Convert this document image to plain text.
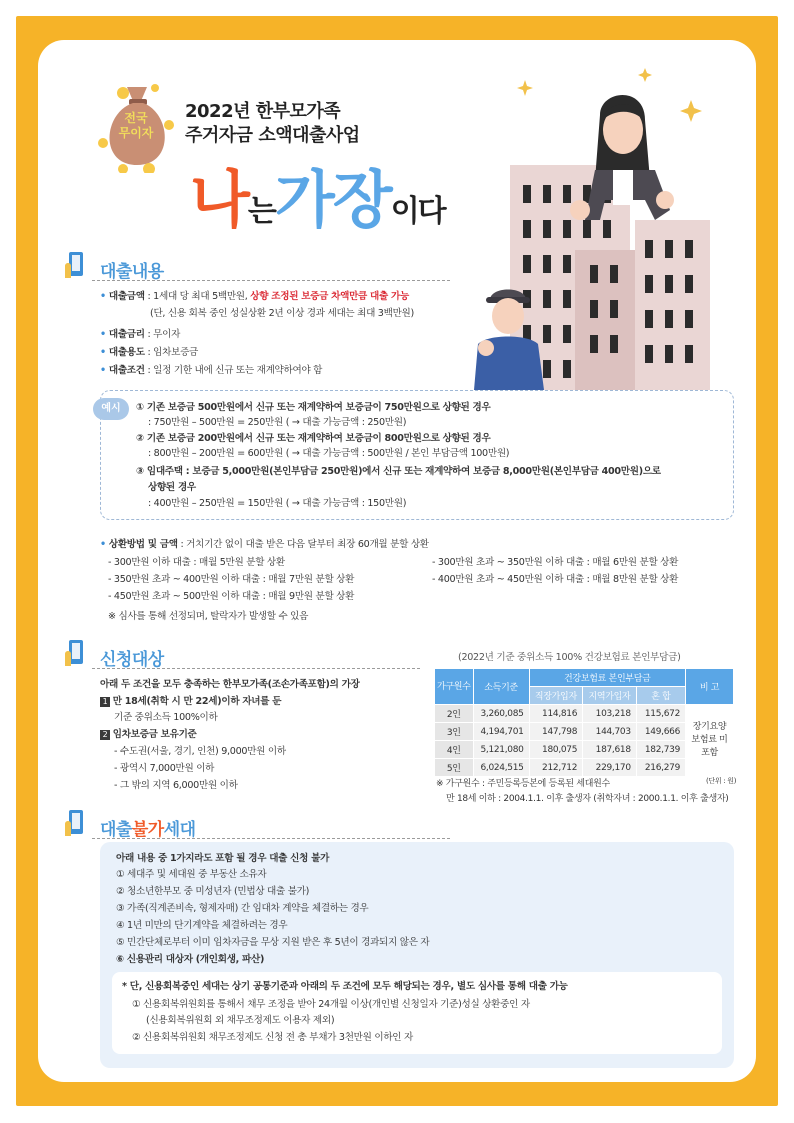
전국
무이자
2022년 한부모가족
주거자금 소액대출사업
나는가장이다
대출내용
• 대출금액 : 1세대 당 최대 5백만원, 상향 조정된 보증금 차액만큼 대출 가능
(단, 신용 회복 중인 성실상환 2년 이상 경과 세대는 최대 3백만원)
• 대출금리 : 무이자
• 대출용도 : 임차보증금
• 대출조건 : 일정 기한 내에 신규 또는 재계약하여야 함
예시	① 기존 보증금 500만원에서 신규 또는 재계약하여 보증금이 750만원으로 상향된 경우
: 750만원 – 500만원 = 250만원 ( → 대출 가능금액 : 250만원)
② 기존 보증금 200만원에서 신규 또는 재계약하여 보증금이 800만원으로 상향된 경우
: 800만원 – 200만원 = 600만원 ( → 대출 가능금액 : 500만원 / 본인 부담금액 100만원)
③ 임대주택 : 보증금 5,000만원(본인부담금 250만원)에서 신규 또는 재계약하여 보증금 8,000만원(본인부담금 400만원)으로
상향된 경우
: 400만원 – 250만원 = 150만원 ( → 대출 가능금액 : 150만원)
• 상환방법 및 금액 : 거치기간 없이 대출 받은 다음 달부터 최장 60개월 분할 상환
- 300만원 이하 대출 : 매월 5만원 분할 상환
- 350만원 초과 ~ 400만원 이하 대출 : 매월 7만원 분할 상환
- 450만원 초과 ~ 500만원 이하 대출 : 매월 9만원 분할 상환
- 300만원 초과 ~ 350만원 이하 대출 : 매월 6만원 분할 상환
- 400만원 초과 ~ 450만원 이하 대출 : 매월 8만원 분할 상환
※ 심사를 통해 선정되며, 탈락자가 발생할 수 있음
신청대상
아래 두 조건을 모두 충족하는 한부모가족(조손가족포함)의 가장
1 만 18세(취학 시 만 22세)이하 자녀를 둔
기준 중위소득 100%이하
2 임차보증금 보유기준
- 수도권(서울, 경기, 인천) 9,000만원 이하
- 광역시 7,000만원 이하
- 그 밖의 지역 6,000만원 이하
(2022년 기준 중위소득 100% 건강보험료 본인부담금)
가구원수	소득기준	건강보험료 본인부담금			비 고
		직장가입자	지역가입자	혼 합	
2인	3,260,085	114,816	103,218	115,672	장기요양 보험료 미포함
3인	4,194,701	147,798	144,703	149,666	
4인	5,121,080	180,075	187,618	182,739	
5인	6,024,515	212,712	229,170	216,279	
(단위 : 원)
※ 가구원수 : 주민등록등본에 등록된 세대원수
만 18세 이하 : 2004.1.1. 이후 출생자 (취학자녀 : 2000.1.1. 이후 출생자)
대출불가세대
아래 내용 중 1가지라도 포함 될 경우 대출 신청 불가
① 세대주 및 세대원 중 부동산 소유자
② 청소년한부모 중 미성년자 (민법상 대출 불가)
③ 가족(직계존비속, 형제자매) 간 임대차 계약을 체결하는 경우
④ 1년 미만의 단기계약을 체결하려는 경우
⑤ 민간단체로부터 이미 임차자금을 무상 지원 받은 후 5년이 경과되지 않은 자
⑥ 신용관리 대상자 (개인회생, 파산)
* 단, 신용회복중인 세대는 상기 공통기준과 아래의 두 조건에 모두 해당되는 경우, 별도 심사를 통해 대출 가능
① 신용회복위원회를 통해서 채무 조정을 받아 24개월 이상(개인별 신청일자 기준)성실 상환중인 자
(신용회복위원회 외 채무조정제도 이용자 제외)
② 신용회복위원회 채무조정제도 신청 전 총 부채가 3천만원 이하인 자
